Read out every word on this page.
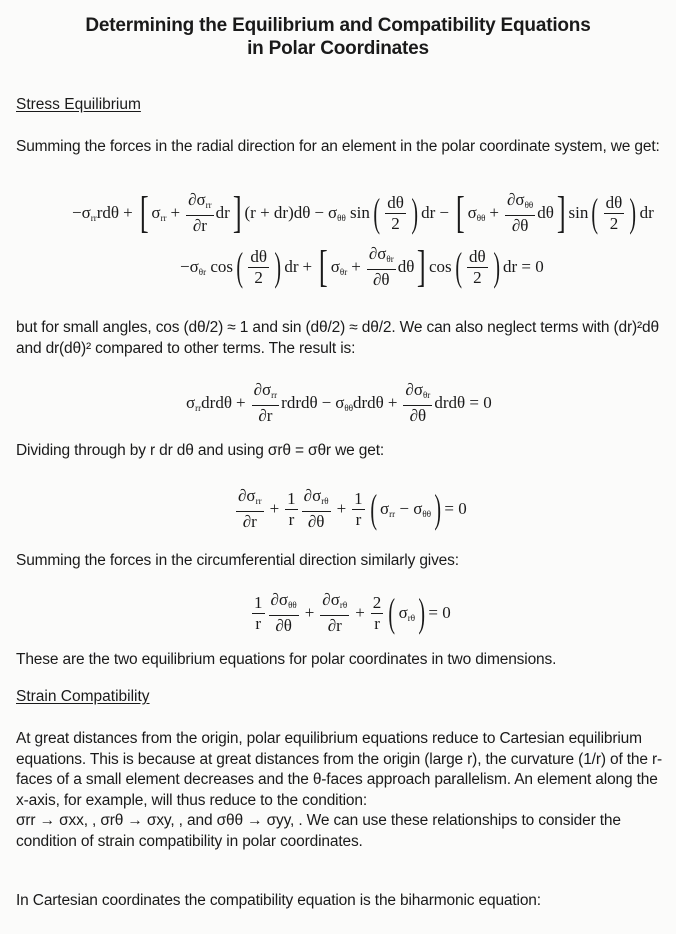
Determining the Equilibrium and Compatibility Equations
in Polar Coordinates
Stress Equilibrium
Summing the forces in the radial direction for an element in the polar coordinate system, we get:
$-\sigma_{rr}rd\theta$ + [ $\sigma_{rr} + \frac{\partial\sigma_{rr}}{\partial r}$ dr ] $(r + dr)d\theta - \sigma_{\theta\theta}$ sin ( $\frac{d\theta}{2}$ ) dr − [ $\sigma_{\theta\theta} + \frac{\partial\sigma_{\theta\theta}}{\partial\theta}$ dθ ] sin ( $\frac{d\theta}{2}$ ) dr
$-\sigma_{\theta r}$ cos ( $\frac{d\theta}{2}$ ) dr + [ $\sigma_{\theta r} + \frac{\partial\sigma_{\theta r}}{\partial\theta}$ dθ ] cos ( $\frac{d\theta}{2}$ ) dr = 0
but for small angles, cos (dθ/2) ≈ 1 and sin (dθ/2) ≈ dθ/2. We can also neglect terms with (dr)²dθ and dr(dθ)² compared to other terms. The result is:
$\sigma_{rr}drd\theta + \frac{\partial\sigma_{rr}}{\partial r}$ rdrdθ − $\sigma_{\theta\theta}drd\theta + \frac{\partial\sigma_{\theta r}}{\partial\theta}$ drdθ = 0
Dividing through by r dr dθ and using σrθ = σθr we get:
$\frac{\partial\sigma_{rr}}{\partial r} + \frac{1}{r} \frac{\partial\sigma_{r\theta}}{\partial\theta} + \frac{1}{r}$ ( $\sigma_{rr} - \sigma_{\theta\theta}$ ) = 0
Summing the forces in the circumferential direction similarly gives:
$\frac{1}{r} \frac{\partial\sigma_{\theta\theta}}{\partial\theta} + \frac{\partial\sigma_{r\theta}}{\partial r} + \frac{2}{r}$ ( $\sigma_{r\theta}$ ) = 0
These are the two equilibrium equations for polar coordinates in two dimensions.
Strain Compatibility
At great distances from the origin, polar equilibrium equations reduce to Cartesian equilibrium equations. This is because at great distances from the origin (large r), the curvature (1/r) of the r-faces of a small element decreases and the θ-faces approach parallelism. An element along the x-axis, for example, will thus reduce to the condition:
σrr → σxx, , σrθ → σxy, , and σθθ → σyy, . We can use these relationships to consider the condition of strain compatibility in polar coordinates.
In Cartesian coordinates the compatibility equation is the biharmonic equation:
